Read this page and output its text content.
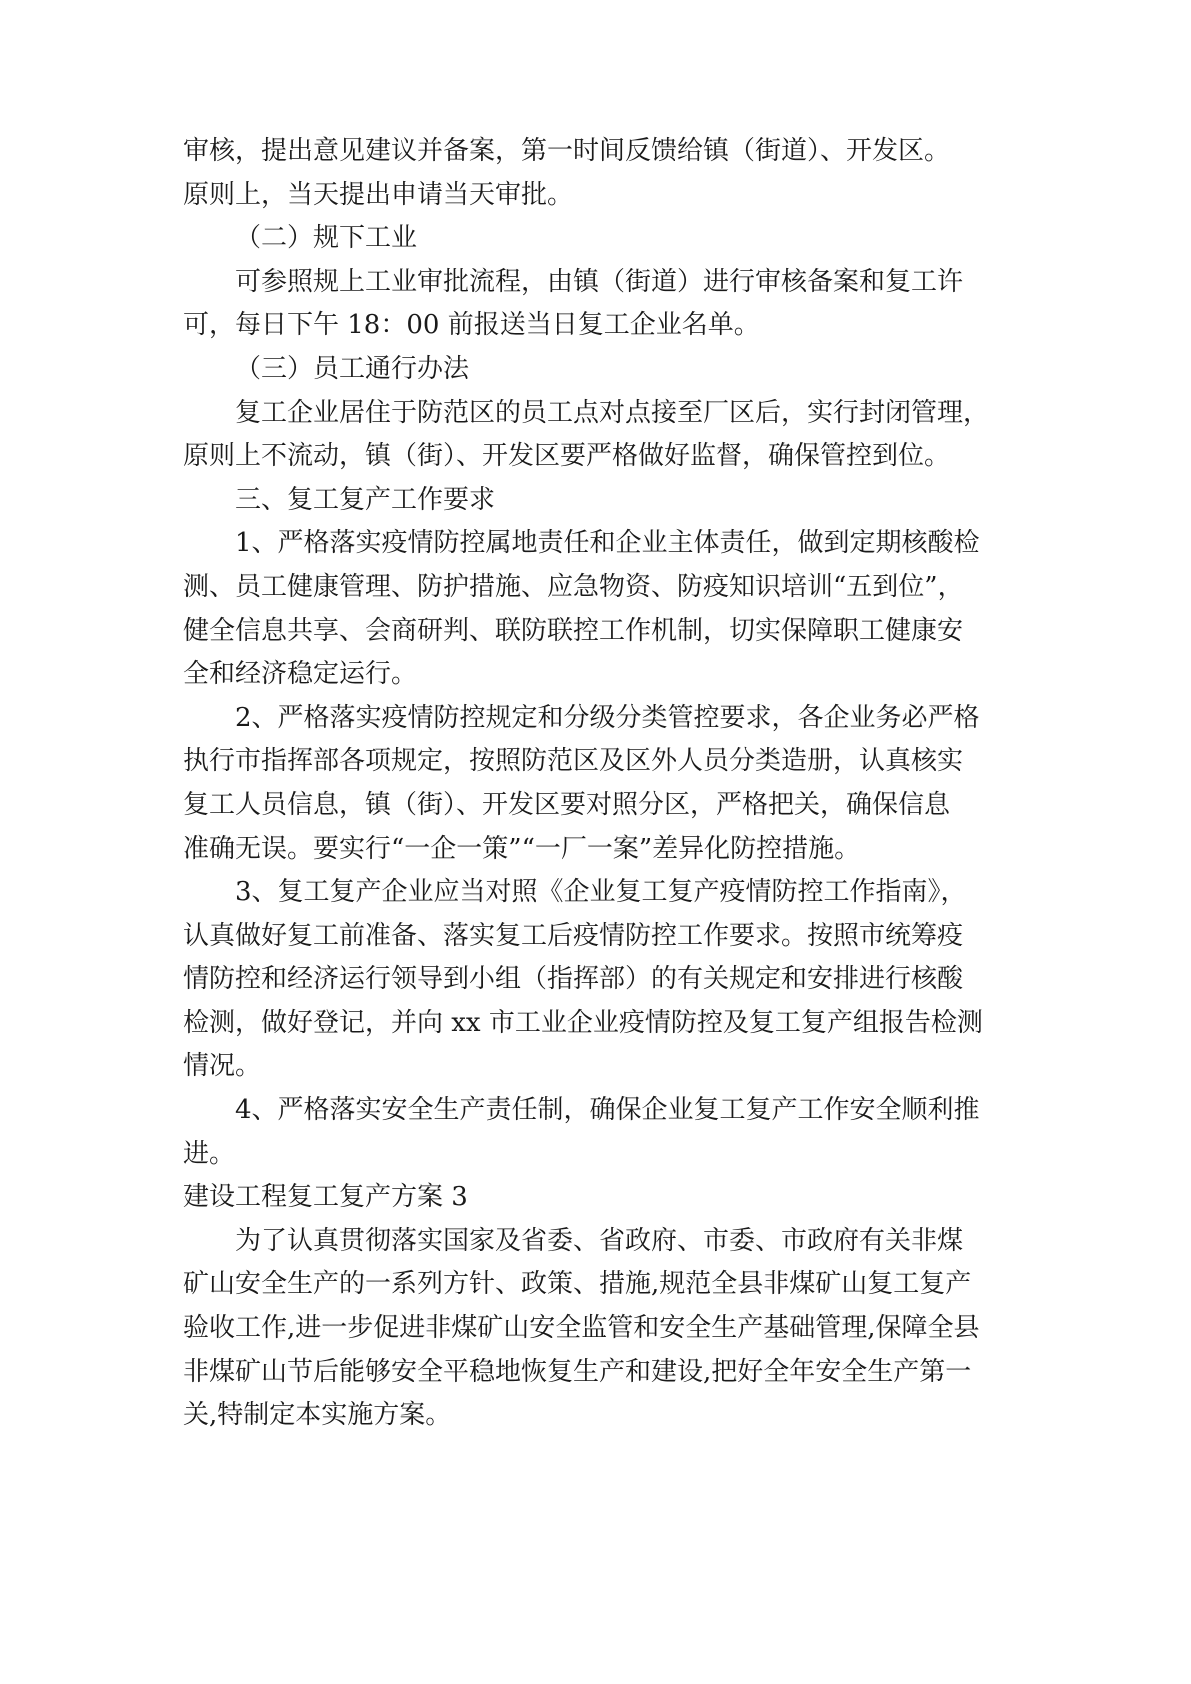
审核，提出意见建议并备案，第一时间反馈给镇（街道）、开发区。

原则上，当天提出申请当天审批。

（二）规下工业

可参照规上工业审批流程，由镇（街道）进行审核备案和复工许

可，每日下午 18：00 前报送当日复工企业名单。

（三）员工通行办法

复工企业居住于防范区的员工点对点接至厂区后，实行封闭管理，

原则上不流动，镇（街）、开发区要严格做好监督，确保管控到位。

三、复工复产工作要求

1、严格落实疫情防控属地责任和企业主体责任，做到定期核酸检

测、员工健康管理、防护措施、应急物资、防疫知识培训“五到位”，

健全信息共享、会商研判、联防联控工作机制，切实保障职工健康安

全和经济稳定运行。

2、严格落实疫情防控规定和分级分类管控要求，各企业务必严格

执行市指挥部各项规定，按照防范区及区外人员分类造册，认真核实

复工人员信息，镇（街）、开发区要对照分区，严格把关，确保信息

准确无误。要实行“一企一策”“一厂一案”差异化防控措施。

3、复工复产企业应当对照《企业复工复产疫情防控工作指南》，

认真做好复工前准备、落实复工后疫情防控工作要求。按照市统筹疫

情防控和经济运行领导到小组（指挥部）的有关规定和安排进行核酸

检测，做好登记，并向 xx 市工业企业疫情防控及复工复产组报告检测

情况。

4、严格落实安全生产责任制，确保企业复工复产工作安全顺利推

进。

建设工程复工复产方案 3

为了认真贯彻落实国家及省委、省政府、市委、市政府有关非煤

矿山安全生产的一系列方针、政策、措施,规范全县非煤矿山复工复产

验收工作,进一步促进非煤矿山安全监管和安全生产基础管理,保障全县

非煤矿山节后能够安全平稳地恢复生产和建设,把好全年安全生产第一

关,特制定本实施方案。
